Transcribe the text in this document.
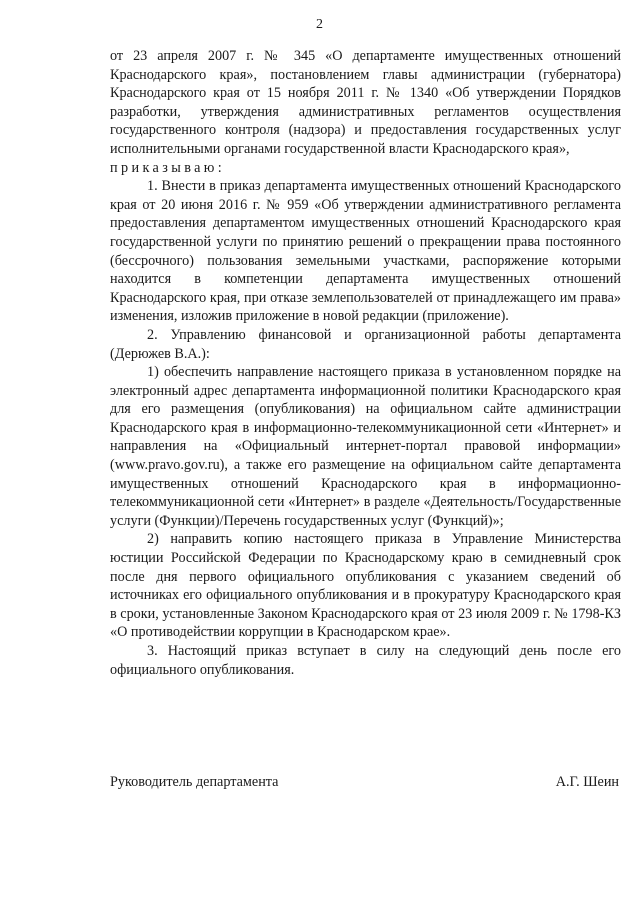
2

от 23 апреля 2007 г. № 345 «О департаменте имущественных отношений Краснодарского края», постановлением главы администрации (губернатора) Краснодарского края от 15 ноября 2011 г. № 1340 «Об утверждении Порядков разработки, утверждения административных регламентов осуществления государственного контроля (надзора) и предоставления государственных услуг исполнительными органами государственной власти Краснодарского края»,

приказываю:

1. Внести в приказ департамента имущественных отношений Краснодарского края от 20 июня 2016 г. № 959 «Об утверждении административного регламента предоставления департаментом имущественных отношений Краснодарского края государственной услуги по принятию решений о прекращении права постоянного (бессрочного) пользования земельными участками, распоряжение которыми находится в компетенции департамента имущественных отношений Краснодарского края, при отказе землепользователей от принадлежащего им права» изменения, изложив приложение в новой редакции (приложение).

2. Управлению финансовой и организационной работы департамента (Дерюжев В.А.):

1) обеспечить направление настоящего приказа в установленном порядке на электронный адрес департамента информационной политики Краснодарского края для его размещения (опубликования) на официальном сайте администрации Краснодарского края в информационно-телекоммуникационной сети «Интернет» и направления на «Официальный интернет-портал правовой информации» (www.pravo.gov.ru), а также его размещение на официальном сайте департамента имущественных отношений Краснодарского края в информационно-телекоммуникационной сети «Интернет» в разделе «Деятельность/Государственные услуги (Функции)/Перечень государственных услуг (Функций)»;

2) направить копию настоящего приказа в Управление Министерства юстиции Российской Федерации по Краснодарскому краю в семидневный срок после дня первого официального опубликования с указанием сведений об источниках его официального опубликования и в прокуратуру Краснодарского края в сроки, установленные Законом Краснодарского края от 23 июля 2009 г. № 1798-КЗ «О противодействии коррупции в Краснодарском крае».

3. Настоящий приказ вступает в силу на следующий день после его официального опубликования.

Руководитель департамента	А.Г. Шеин
